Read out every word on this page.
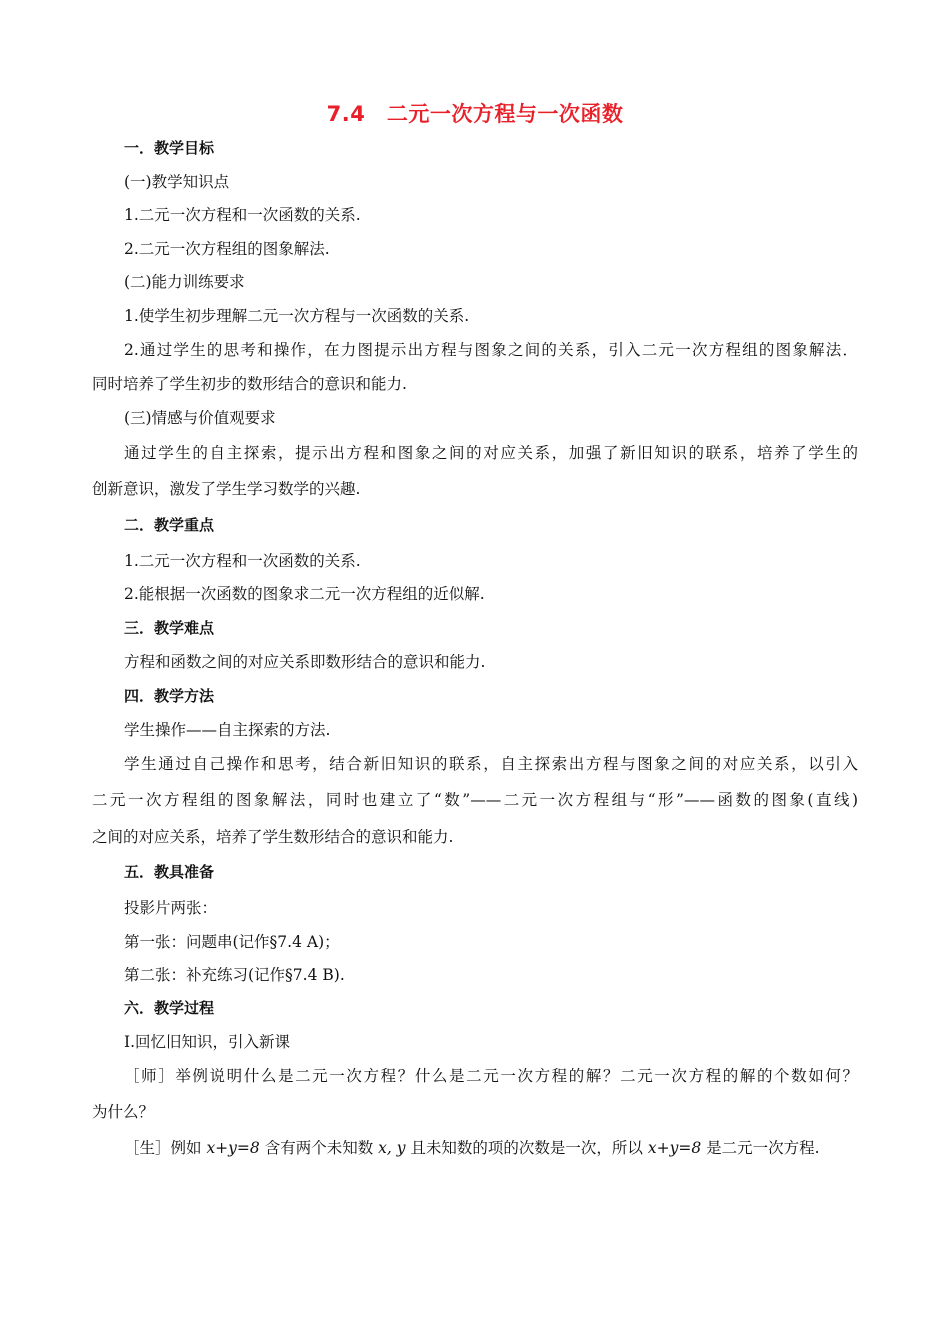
7.4　二元一次方程与一次函数
一．教学目标
(一)教学知识点
1.二元一次方程和一次函数的关系.
2.二元一次方程组的图象解法.
(二)能力训练要求
1.使学生初步理解二元一次方程与一次函数的关系.
2.通过学生的思考和操作，在力图提示出方程与图象之间的关系，引入二元一次方程组的图象解法．
同时培养了学生初步的数形结合的意识和能力.
(三)情感与价值观要求
通过学生的自主探索，提示出方程和图象之间的对应关系，加强了新旧知识的联系，培养了学生的
创新意识，激发了学生学习数学的兴趣.
二．教学重点
1.二元一次方程和一次函数的关系.
2.能根据一次函数的图象求二元一次方程组的近似解.
三．教学难点
方程和函数之间的对应关系即数形结合的意识和能力.
四．教学方法
学生操作——自主探索的方法.
学生通过自己操作和思考，结合新旧知识的联系，自主探索出方程与图象之间的对应关系，以引入
二元一次方程组的图象解法，同时也建立了“数”——二元一次方程组与“形”——函数的图象(直线)
之间的对应关系，培养了学生数形结合的意识和能力.
五．教具准备
投影片两张：
第一张：问题串(记作§7.4 A)；
第二张：补充练习(记作§7.4 B).
六．教学过程
Ⅰ.回忆旧知识，引入新课
［师］举例说明什么是二元一次方程？什么是二元一次方程的解？二元一次方程的解的个数如何？
为什么？
［生］例如 x+y=8 含有两个未知数 x, y 且未知数的项的次数是一次，所以 x+y=8 是二元一次方程.
